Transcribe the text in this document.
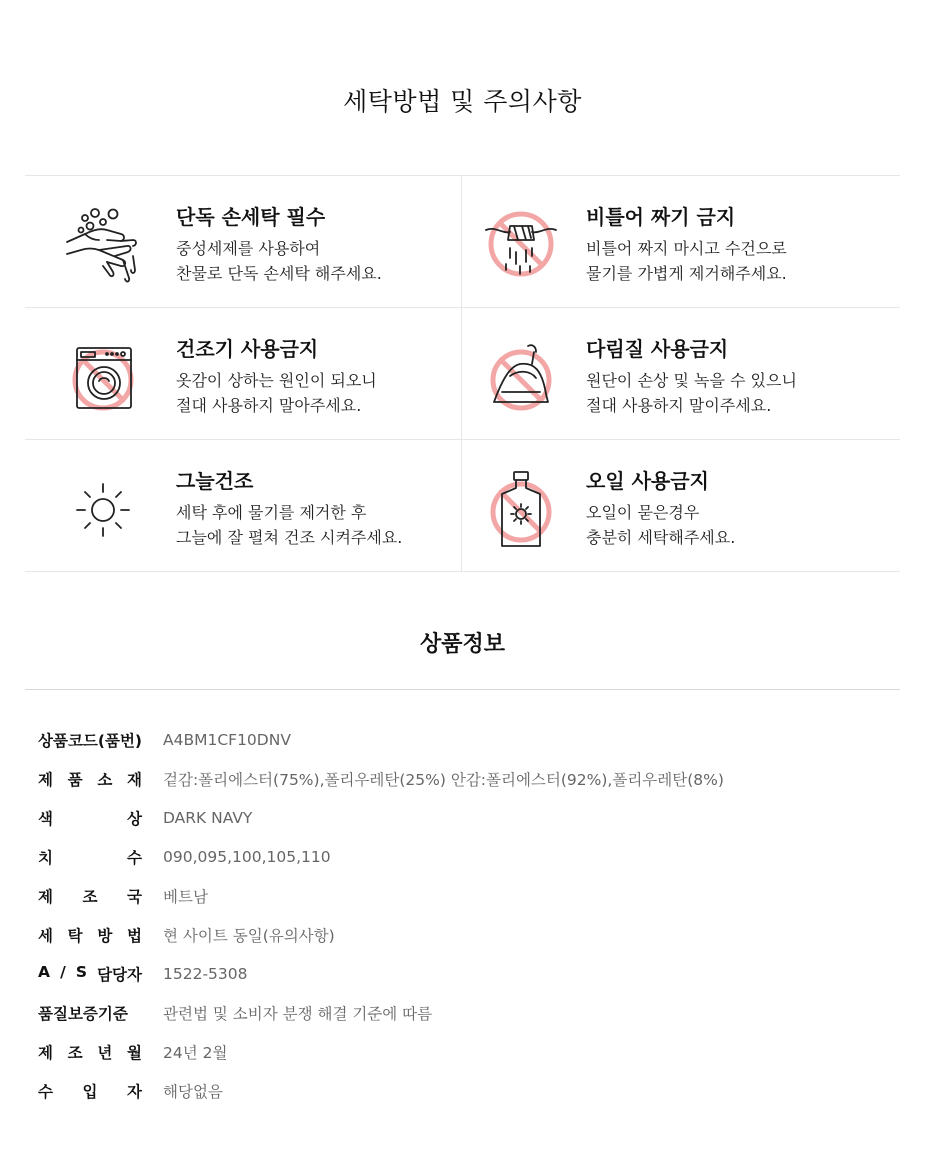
세탁방법 및 주의사항
단독 손세탁 필수
중성세제를 사용하여
찬물로 단독 손세탁 해주세요.
비틀어 짜기 금지
비틀어 짜지 마시고 수건으로
물기를 가볍게 제거해주세요.
건조기 사용금지
옷감이 상하는 원인이 되오니
절대 사용하지 말아주세요.
다림질 사용금지
원단이 손상 및 녹을 수 있으니
절대 사용하지 말이주세요.
그늘건조
세탁 후에 물기를 제거한 후
그늘에 잘 펼쳐 건조 시켜주세요.
오일 사용금지
오일이 묻은경우
충분히 세탁해주세요.
상품정보
상품코드(품번) A4BM1CF10DNV
제 품 소 재 겉감:폴리에스터(75%),폴리우레탄(25%) 안감:폴리에스터(92%),폴리우레탄(8%)
색	상 DARK NAVY
치	수 090,095,100,105,110
제 조 국 베트남
세 탁 방 법 현 사이트 동일(유의사항)
A / S 담당자 1522-5308
품질보증기준 관련법 및 소비자 분쟁 해결 기준에 따름
제 조 년 월 24년 2월
수 입 자 해당없음
